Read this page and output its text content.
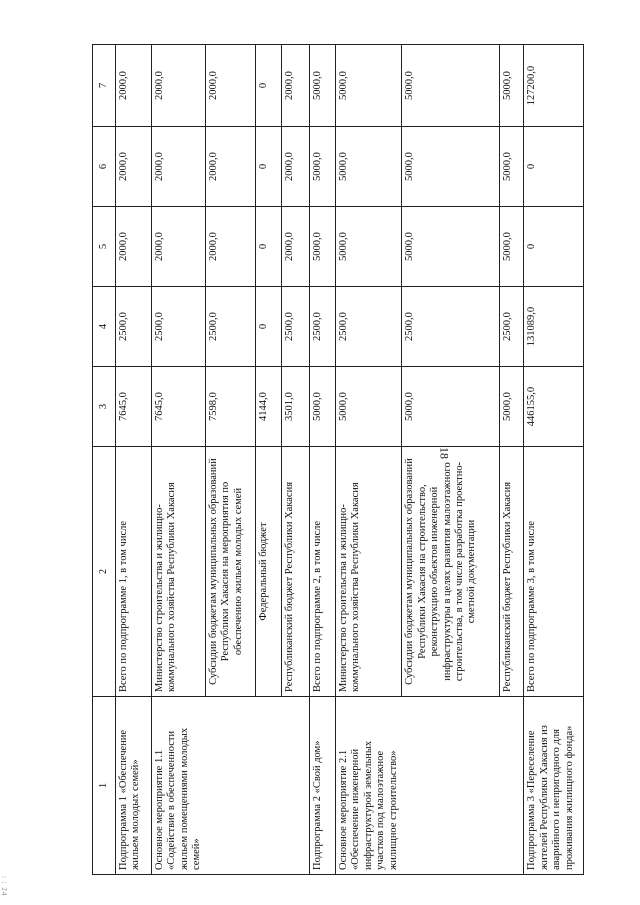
18
: : 24
1	2	3	4	5	6	7
Подпрограмма 1 «Обеспечение жильем молодых семей»	Всего по подпрограмме 1, в том числе	7645,0	2500,0	2000,0	2000,0	2000,0
Основное мероприятие 1.1 «Содействие в обеспеченности жильем помещениями молодых семей»	Министерство строительства и жилищно-коммунального хозяйства Республики Хакасия	7645,0	2500,0	2000,0	2000,0	2000,0
	Субсидии бюджетам муниципальных образований Республики Хакасия на мероприятия по обеспечению жильем молодых семей	7598,0	2500,0	2000,0	2000,0	2000,0
	Федеральный бюджет	4144,0	0	0	0	0
	Республиканский бюджет Республики Хакасия	3501,0	2500,0	2000,0	2000,0	2000,0
Подпрограмма 2 «Свой дом»	Всего по подпрограмме 2, в том числе	5000,0	2500,0	5000,0	5000,0	5000,0
Основное мероприятие 2.1 «Обеспечение инженерной инфраструктурой земельных участков под малоэтажное жилищное строительство»	Министерство строительства и жилищно-коммунального хозяйства Республики Хакасия	5000,0	2500,0	5000,0	5000,0	5000,0
	Субсидии бюджетам муниципальных образований Республики Хакасия на строительство, реконструкцию объектов инженерной инфраструктуры в целях развития малоэтажного строительства, в том числе разработка проектно-сметной документации	5000,0	2500,0	5000,0	5000,0	5000,0
	Республиканский бюджет Республики Хакасия	5000,0	2500,0	5000,0	5000,0	5000,0
Подпрограмма 3 «Переселение жителей Республики Хакасия из аварийного и непригодного для проживания жилищного фонда»	Всего по подпрограмме 3, в том числе	446155,0	131089,0	0	0	127200,0
